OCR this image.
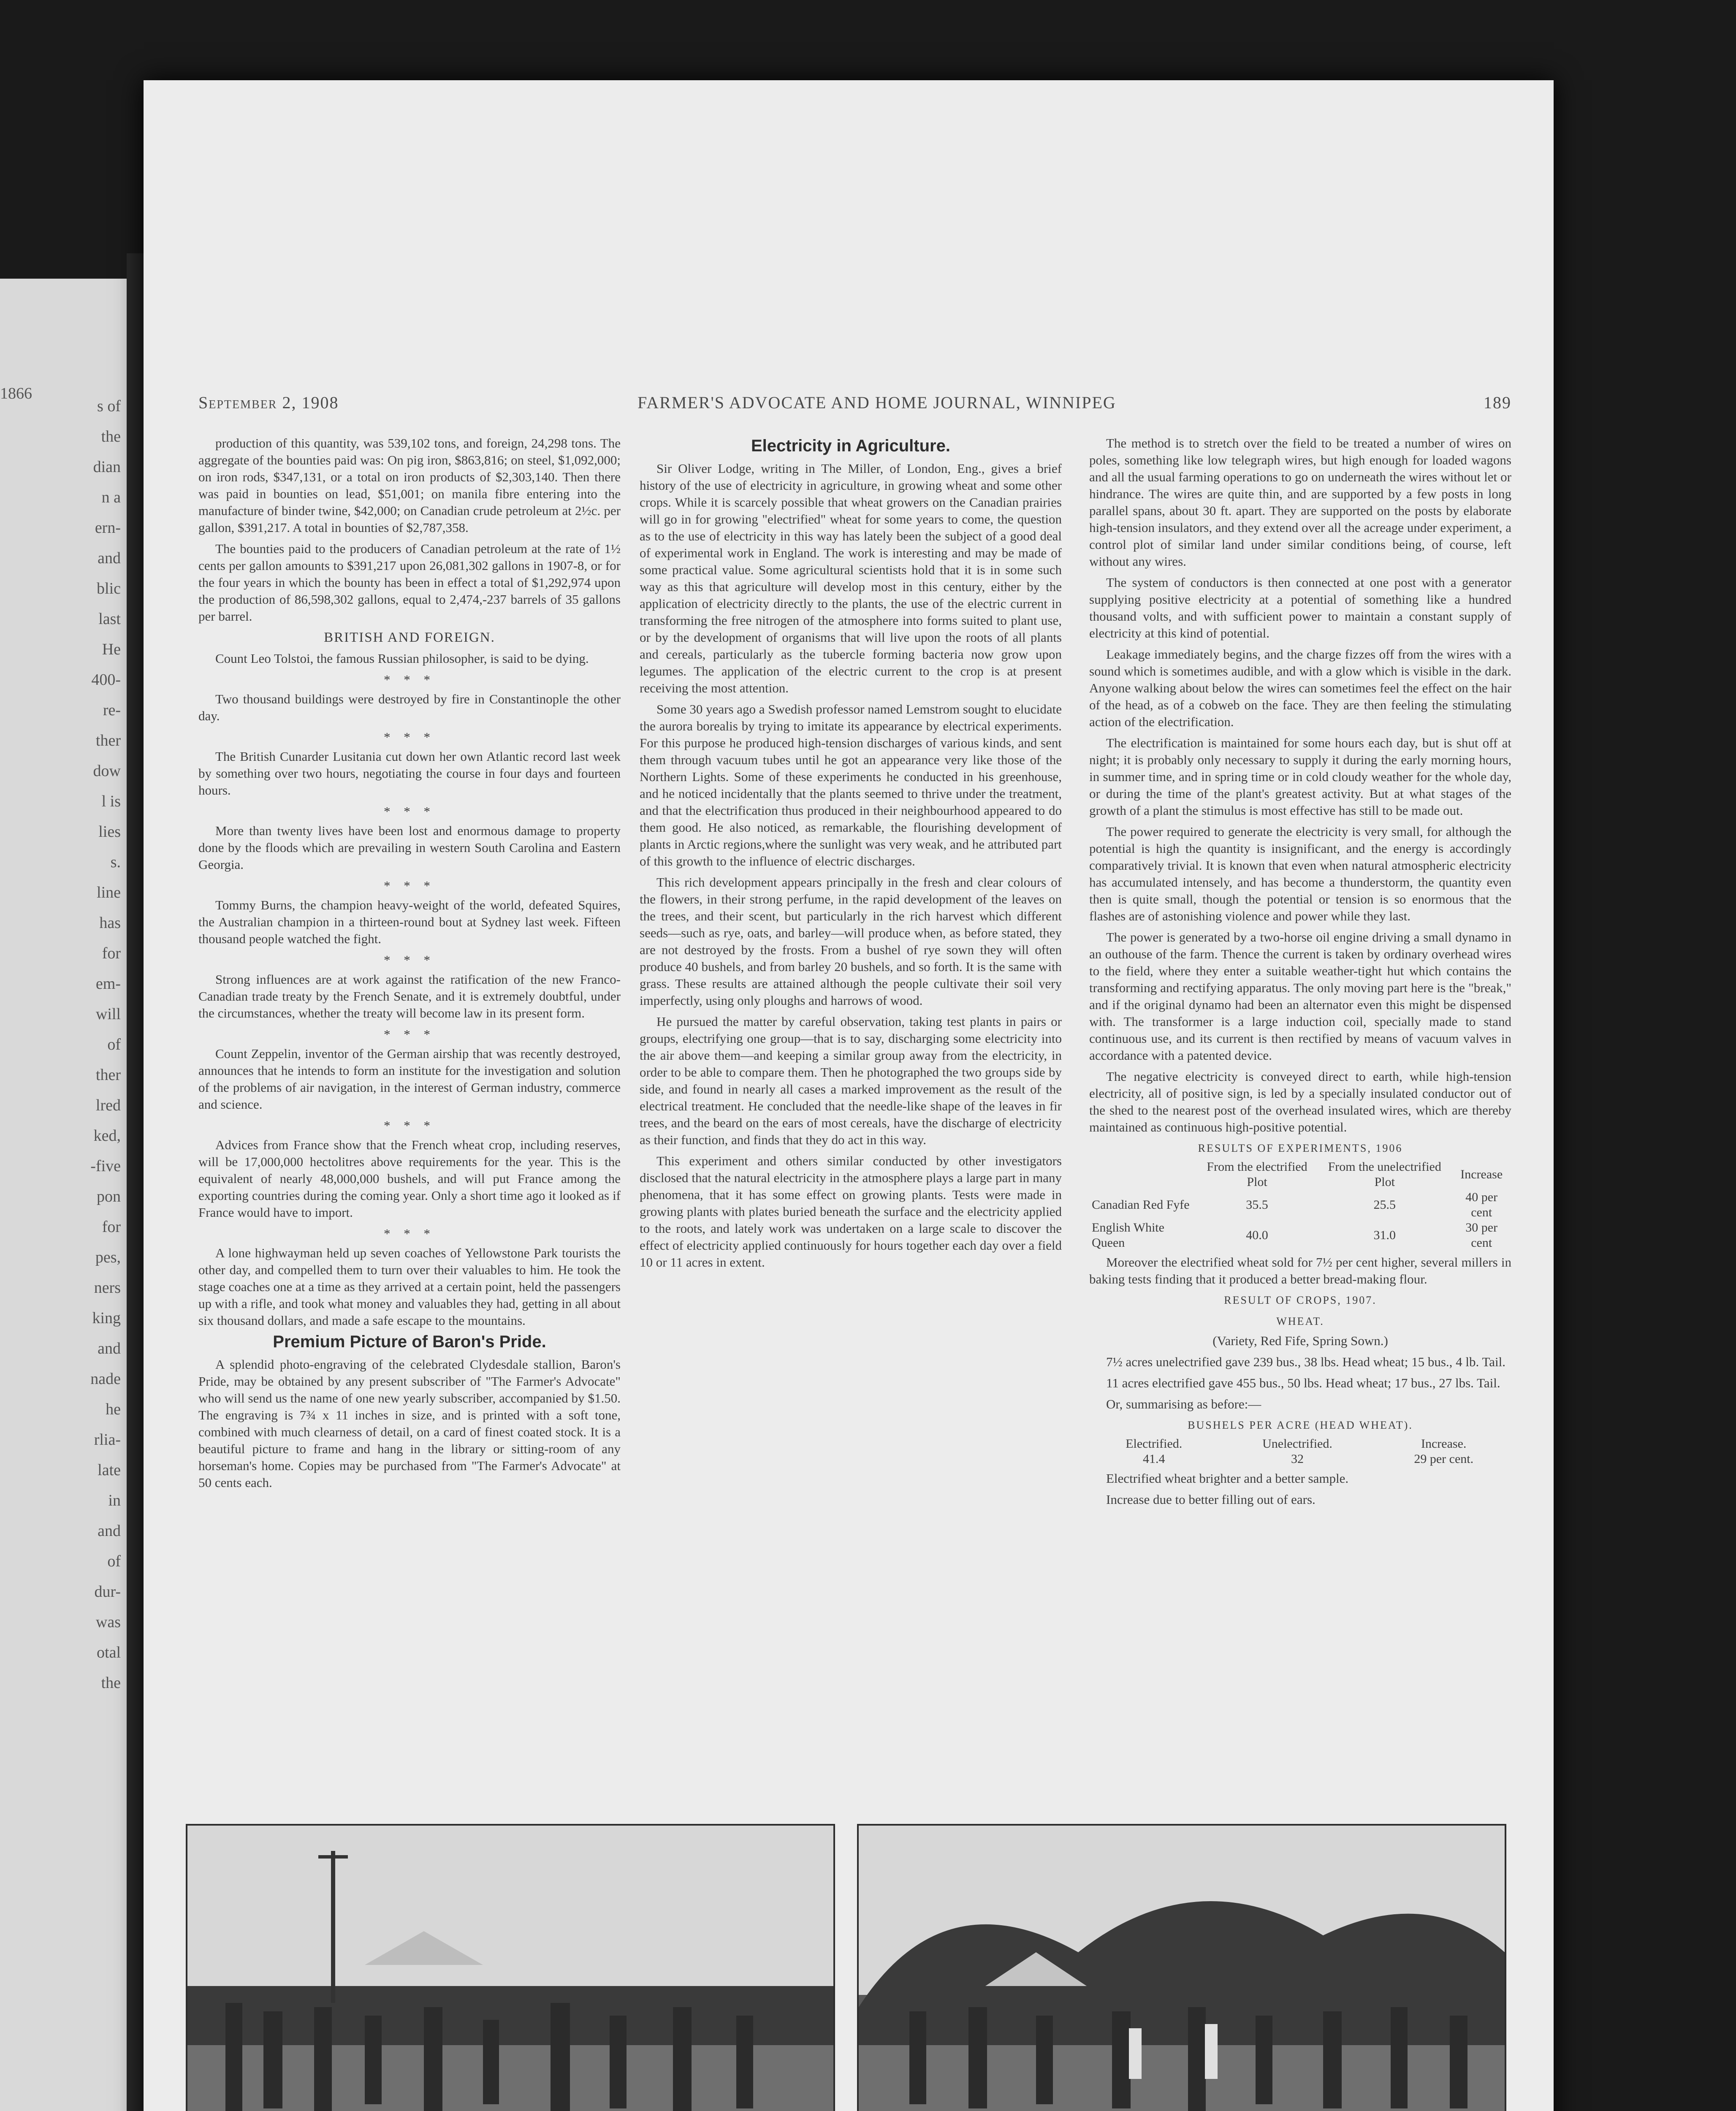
1866
s of
the
dian
n a
ern-
and
blic
last
He
400-
re-
ther
dow
l is
lies
s.
line
has
for
em-
will
of
ther
lred
ked,
-five
pon
for
pes,
ners
king
and
nade
he
rlia-
late
in
and
of
dur-
was
otal
the
September 2, 1908	FARMER'S ADVOCATE AND HOME JOURNAL, WINNIPEG	189

production of this quantity, was 539,102 tons, and foreign, 24,298 tons. The aggregate of the bounties paid was: On pig iron, $863,816; on steel, $1,092,000; on iron rods, $347,131, or a total on iron products of $2,303,140. Then there was paid in bounties on lead, $51,001; on manila fibre entering into the manufacture of binder twine, $42,000; on Canadian crude petroleum at 2½c. per gallon, $391,217. A total in bounties of $2,787,358.

The bounties paid to the producers of Canadian petroleum at the rate of 1½ cents per gallon amounts to $391,217 upon 26,081,302 gallons in 1907-8, or for the four years in which the bounty has been in effect a total of $1,292,974 upon the production of 86,598,302 gallons, equal to 2,474,-237 barrels of 35 gallons per barrel.

BRITISH AND FOREIGN.

Count Leo Tolstoi, the famous Russian philosopher, is said to be dying.

* * *

Two thousand buildings were destroyed by fire in Constantinople the other day.

* * *

The British Cunarder Lusitania cut down her own Atlantic record last week by something over two hours, negotiating the course in four days and fourteen hours.

* * *

More than twenty lives have been lost and enormous damage to property done by the floods which are prevailing in western South Carolina and Eastern Georgia.

* * *

Tommy Burns, the champion heavy-weight of the world, defeated Squires, the Australian champion in a thirteen-round bout at Sydney last week. Fifteen thousand people watched the fight.

* * *

Strong influences are at work against the ratification of the new Franco-Canadian trade treaty by the French Senate, and it is extremely doubtful, under the circumstances, whether the treaty will become law in its present form.

* * *

Count Zeppelin, inventor of the German airship that was recently destroyed, announces that he intends to form an institute for the investigation and solution of the problems of air navigation, in the interest of German industry, commerce and science.

* * *

Advices from France show that the French wheat crop, including reserves, will be 17,000,000 hectolitres above requirements for the year. This is the equivalent of nearly 48,000,000 bushels, and will put France among the exporting countries during the coming year. Only a short time ago it looked as if France would have to import.

* * *

A lone highwayman held up seven coaches of Yellowstone Park tourists the other day, and compelled them to turn over their valuables to him. He took the stage coaches one at a time as they arrived at a certain point, held the passengers up with a rifle, and took what money and valuables they had, getting in all about six thousand dollars, and made a safe escape to the mountains.

Premium Picture of Baron's Pride.

A splendid photo-engraving of the celebrated Clydesdale stallion, Baron's Pride, may be obtained by any present subscriber of "The Farmer's Advocate" who will send us the name of one new yearly subscriber, accompanied by $1.50. The engraving is 7¾ x 11 inches in size, and is printed with a soft tone, combined with much clearness of detail, on a card of finest coated stock. It is a beautiful picture to frame and hang in the library or sitting-room of any horseman's home. Copies may be purchased from "The Farmer's Advocate" at 50 cents each.

Electricity in Agriculture.

Sir Oliver Lodge, writing in The Miller, of London, Eng., gives a brief history of the use of electricity in agriculture, in growing wheat and some other crops. While it is scarcely possible that wheat growers on the Canadian prairies will go in for growing "electrified" wheat for some years to come, the question as to the use of electricity in this way has lately been the subject of a good deal of experimental work in England. The work is interesting and may be made of some practical value. Some agricultural scientists hold that it is in some such way as this that agriculture will develop most in this century, either by the application of electricity directly to the plants, the use of the electric current in transforming the free nitrogen of the atmosphere into forms suited to plant use, or by the development of organisms that will live upon the roots of all plants and cereals, particularly as the tubercle forming bacteria now grow upon legumes. The application of the electric current to the crop is at present receiving the most attention.

Some 30 years ago a Swedish professor named Lemstrom sought to elucidate the aurora borealis by trying to imitate its appearance by electrical experiments. For this purpose he produced high-tension discharges of various kinds, and sent them through vacuum tubes until he got an appearance very like those of the Northern Lights. Some of these experiments he conducted in his greenhouse, and he noticed incidentally that the plants seemed to thrive under the treatment, and that the electrification thus produced in their neighbourhood appeared to do them good. He also noticed, as remarkable, the flourishing development of plants in Arctic regions,where the sunlight was very weak, and he attributed part of this growth to the influence of electric discharges.

This rich development appears principally in the fresh and clear colours of the flowers, in their strong perfume, in the rapid development of the leaves on the trees, and their scent, but particularly in the rich harvest which different seeds—such as rye, oats, and barley—will produce when, as before stated, they are not destroyed by the frosts. From a bushel of rye sown they will often produce 40 bushels, and from barley 20 bushels, and so forth. It is the same with grass. These results are attained although the people cultivate their soil very imperfectly, using only ploughs and harrows of wood.

He pursued the matter by careful observation, taking test plants in pairs or groups, electrifying one group—that is to say, discharging some electricity into the air above them—and keeping a similar group away from the electricity, in order to be able to compare them. Then he photographed the two groups side by side, and found in nearly all cases a marked improvement as the result of the electrical treatment. He concluded that the needle-like shape of the leaves in fir trees, and the beard on the ears of most cereals, have the discharge of electricity as their function, and finds that they do act in this way.

This experiment and others similar conducted by other investigators disclosed that the natural electricity in the atmosphere plays a large part in many phenomena, that it has some effect on growing plants. Tests were made in growing plants with plates buried beneath the surface and the electricity applied to the roots, and lately work was undertaken on a large scale to discover the effect of electricity applied continuously for hours together each day over a field 10 or 11 acres in extent.

The method is to stretch over the field to be treated a number of wires on poles, something like low telegraph wires, but high enough for loaded wagons and all the usual farming operations to go on underneath the wires without let or hindrance. The wires are quite thin, and are supported by a few posts in long parallel spans, about 30 ft. apart. They are supported on the posts by elaborate high-tension insulators, and they extend over all the acreage under experiment, a control plot of similar land under similar conditions being, of course, left without any wires.

The system of conductors is then connected at one post with a generator supplying positive electricity at a potential of something like a hundred thousand volts, and with sufficient power to maintain a constant supply of electricity at this kind of potential.

Leakage immediately begins, and the charge fizzes off from the wires with a sound which is sometimes audible, and with a glow which is visible in the dark. Anyone walking about below the wires can sometimes feel the effect on the hair of the head, as of a cobweb on the face. They are then feeling the stimulating action of the electrification.

The electrification is maintained for some hours each day, but is shut off at night; it is probably only necessary to supply it during the early morning hours, in summer time, and in spring time or in cold cloudy weather for the whole day, or during the time of the plant's greatest activity. But at what stages of the growth of a plant the stimulus is most effective has still to be made out.

The power required to generate the electricity is very small, for although the potential is high the quantity is insignificant, and the energy is accordingly comparatively trivial. It is known that even when natural atmospheric electricity has accumulated intensely, and has become a thunderstorm, the quantity even then is quite small, though the potential or tension is so enormous that the flashes are of astonishing violence and power while they last.

The power is generated by a two-horse oil engine driving a small dynamo in an outhouse of the farm. Thence the current is taken by ordinary overhead wires to the field, where they enter a suitable weather-tight hut which contains the transforming and rectifying apparatus. The only moving part here is the "break," and if the original dynamo had been an alternator even this might be dispensed with. The transformer is a large induction coil, specially made to stand continuous use, and its current is then rectified by means of vacuum valves in accordance with a patented device.

The negative electricity is conveyed direct to earth, while high-tension electricity, all of positive sign, is led by a specially insulated conductor out of the shed to the nearest post of the overhead insulated wires, which are thereby maintained as continuous high-positive potential.

RESULTS OF EXPERIMENTS, 1906
	From the electrified Plot	From the unelectrified Plot	Increase
Canadian Red Fyfe	35.5	25.5	40 per cent
English White Queen	40.0	31.0	30 per cent

Moreover the electrified wheat sold for 7½ per cent higher, several millers in baking tests finding that it produced a better bread-making flour.

RESULT OF CROPS, 1907.
WHEAT.

(Variety, Red Fife, Spring Sown.)

7½ acres unelectrified gave 239 bus., 38 lbs. Head wheat; 15 bus., 4 lb. Tail.

11 acres electrified gave 455 bus., 50 lbs. Head wheat; 17 bus., 27 lbs. Tail.

Or, summarising as before:—

BUSHELS PER ACRE (HEAD WHEAT).
Electrified.	Unelectrified.	Increase.
41.4	32	29 per cent.

Electrified wheat brighter and a better sample.

Increase due to better filling out of ears.
